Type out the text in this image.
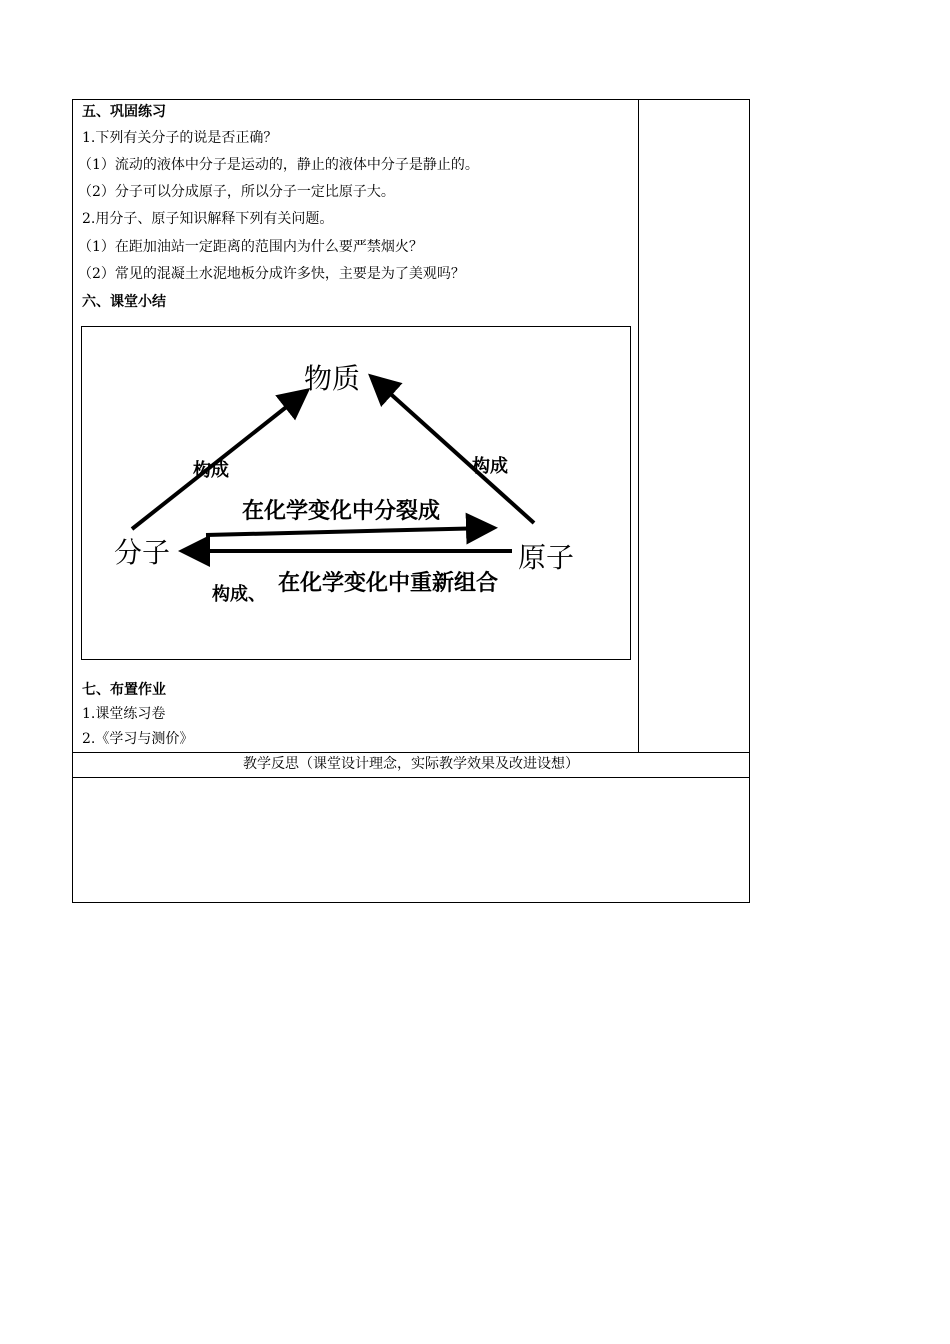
五、巩固练习
1.下列有关分子的说是否正确？
（1）流动的液体中分子是运动的，静止的液体中分子是静止的。
（2）分子可以分成原子，所以分子一定比原子大。
2.用分子、原子知识解释下列有关问题。
（1）在距加油站一定距离的范围内为什么要严禁烟火？
（2）常见的混凝土水泥地板分成许多快，主要是为了美观吗？
六、课堂小结
物质
分子	原子
构成	构成
在化学变化中分裂成
构成、 在化学变化中重新组合
七、布置作业
1.课堂练习卷
2.《学习与测价》
教学反思（课堂设计理念，实际教学效果及改进设想）
